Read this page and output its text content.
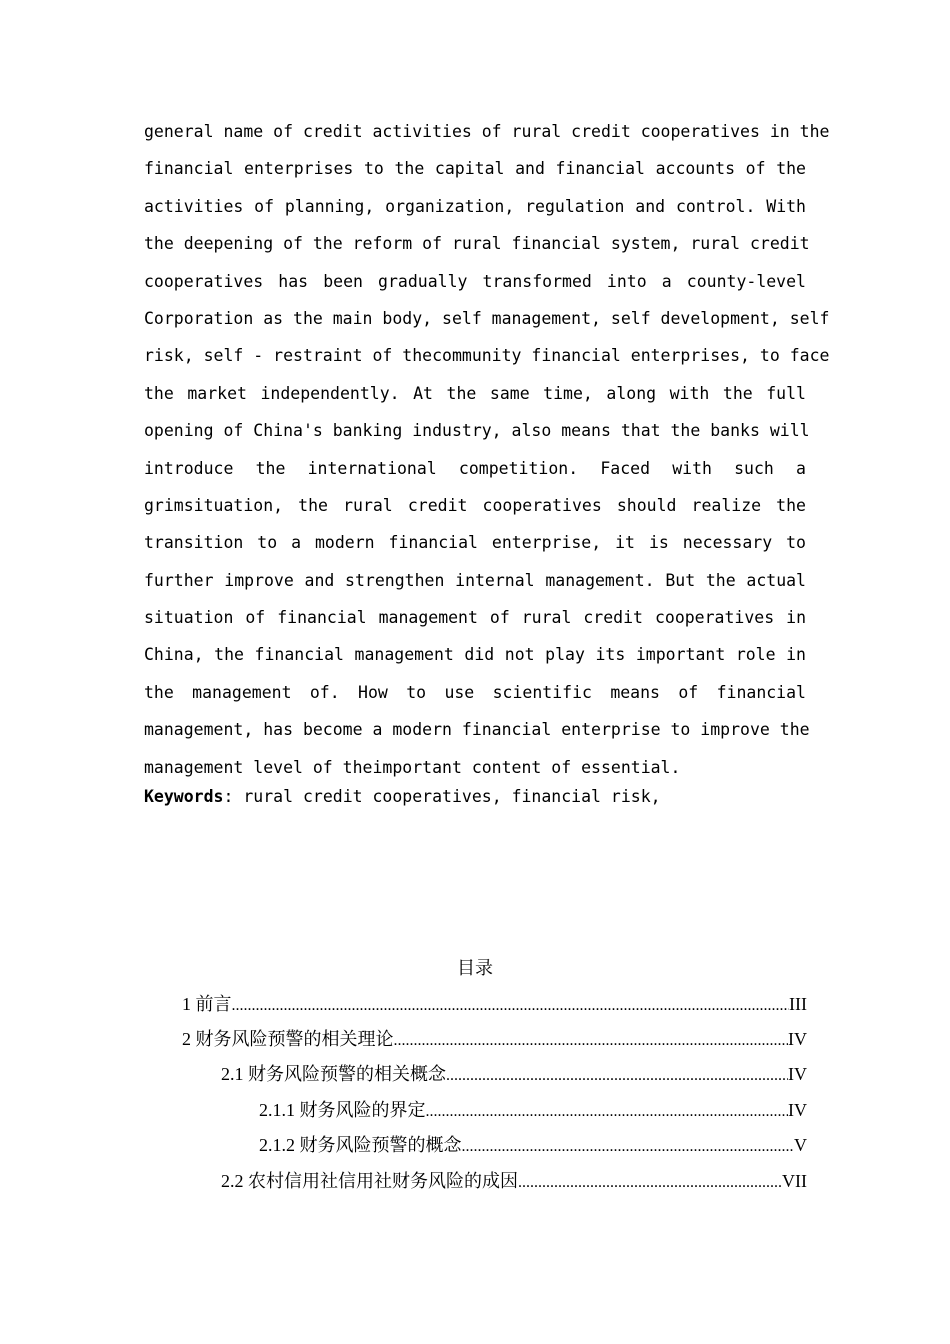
general name of credit activities of rural credit cooperatives in the
financial enterprises to the capital and financial accounts of the
activities of planning, organization, regulation and control. With
the deepening of the reform of rural financial system, rural credit
cooperatives has been gradually transformed into a county-level
Corporation as the main body, self management, self development, self
risk, self - restraint of thecommunity financial enterprises, to face
the market independently. At the same time, along with the full
opening of China's banking industry, also means that the banks will
introduce the international competition. Faced with such a
grimsituation, the rural credit cooperatives should realize the
transition to a modern financial enterprise, it is necessary to
further improve and strengthen internal management. But the actual
situation of financial management of rural credit cooperatives in
China, the financial management did not play its important role in
the management of. How to use scientific means of financial
management, has become a modern financial enterprise to improve the
management level of theimportant content of essential.
Keywords: rural credit cooperatives, financial risk,
目录
1 前言 .....	III
2 财务风险预警的相关理论 .....	IV
2.1 财务风险预警的相关概念 .....	IV
2.1.1 财务风险的界定 .....	IV
2.1.2 财务风险预警的概念 .....	V
2.2 农村信用社信用社财务风险的成因 .....	VII
